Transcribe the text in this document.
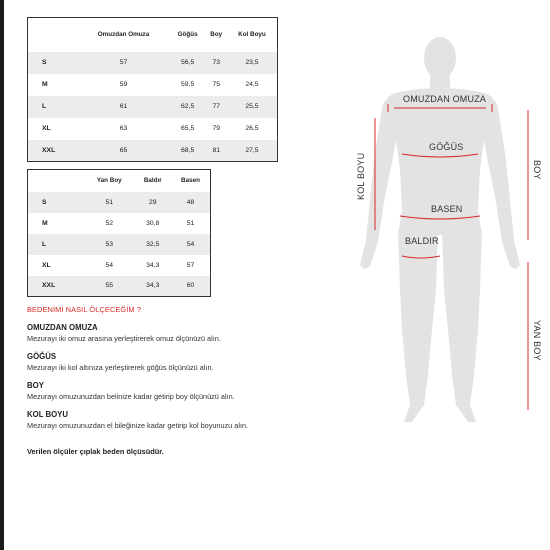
	Omuzdan Omuza	Göğüs	Boy	Kol Boyu
S	57	56,5	73	23,5
M	59	59,5	75	24,5
L	61	62,5	77	25,5
XL	63	65,5	79	26,5
XXL	65	68,5	81	27,5
	Yan Boy	Baldır	Basen
S	51	29	48
M	52	30,8	51
L	53	32,5	54
XL	54	34,3	57
XXL	55	34,3	60
BEDENİMİ NASIL ÖLÇECEĞİM ?
OMUZDAN OMUZA
Mezurayı iki omuz arasına yerleştirerek omuz ölçünüzü alın.
GÖĞÜS
Mezurayı iki kol altınıza yerleştirerek göğüs ölçünüzü alın.
BOY
Mezurayı omuzunuzdan belinize kadar getirip boy ölçünüzü alın.
KOL BOYU
Mezurayı omuzunuzdan el bileğinize kadar getirip kol boyunuzu alın.
Verilen ölçüler çıplak beden ölçüsüdür.
OMUZDAN OMUZA
GÖĞÜS
BASEN
BALDIR
KOL BOYU	BOY
YAN BOY
